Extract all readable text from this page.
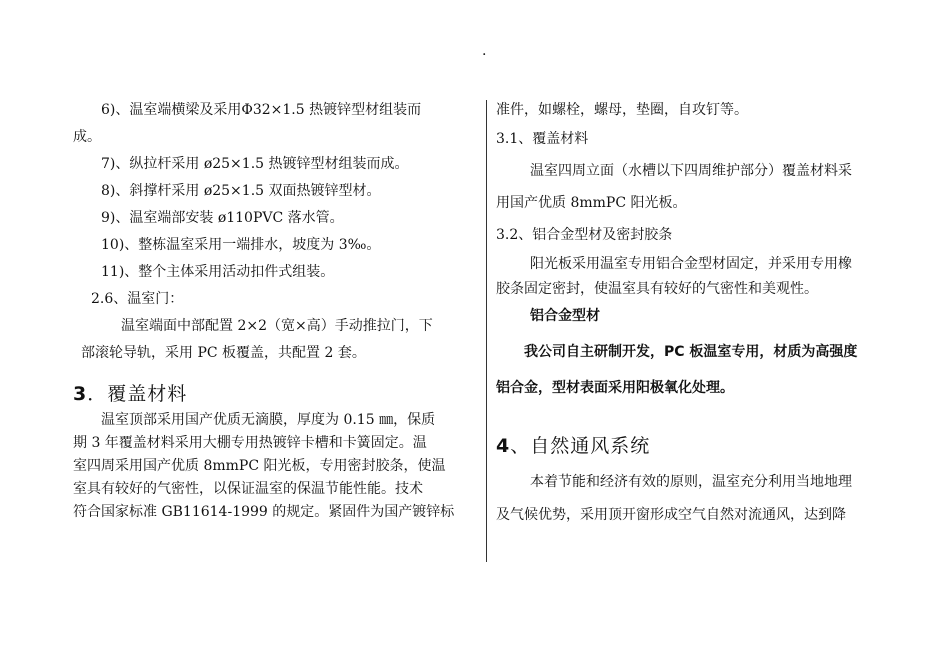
.

6)、温室端横梁及采用Φ32×1.5 热镀锌型材组装而

成。

7)、纵拉杆采用 ø25×1.5 热镀锌型材组装而成。

8)、斜撑杆采用 ø25×1.5 双面热镀锌型材。

9)、温室端部安装 ø110PVC 落水管。

10)、整栋温室采用一端排水，坡度为 3‰。

11)、整个主体采用活动扣件式组装。

2.6、温室门：

温室端面中部配置 2×2（宽×高）手动推拉门，下

部滚轮导轨，采用 PC 板覆盖，共配置 2 套。

3．覆盖材料

温室顶部采用国产优质无滴膜，厚度为 0.15 ㎜，保质

期 3 年覆盖材料采用大棚专用热镀锌卡槽和卡簧固定。温

室四周采用国产优质 8mmPC 阳光板，专用密封胶条，使温

室具有较好的气密性，以保证温室的保温节能性能。技术

符合国家标准 GB11614-1999 的规定。紧固件为国产镀锌标

准件，如螺栓，螺母，垫圈，自攻钉等。

3.1、覆盖材料

温室四周立面（水槽以下四周维护部分）覆盖材料采

用国产优质 8mmPC 阳光板。

3.2、铝合金型材及密封胶条

阳光板采用温室专用铝合金型材固定，并采用专用橡

胶条固定密封，使温室具有较好的气密性和美观性。

铝合金型材

我公司自主研制开发，PC 板温室专用，材质为高强度

铝合金，型材表面采用阳极氧化处理。

4、自然通风系统

本着节能和经济有效的原则，温室充分利用当地地理

及气候优势，采用顶开窗形成空气自然对流通风，达到降
